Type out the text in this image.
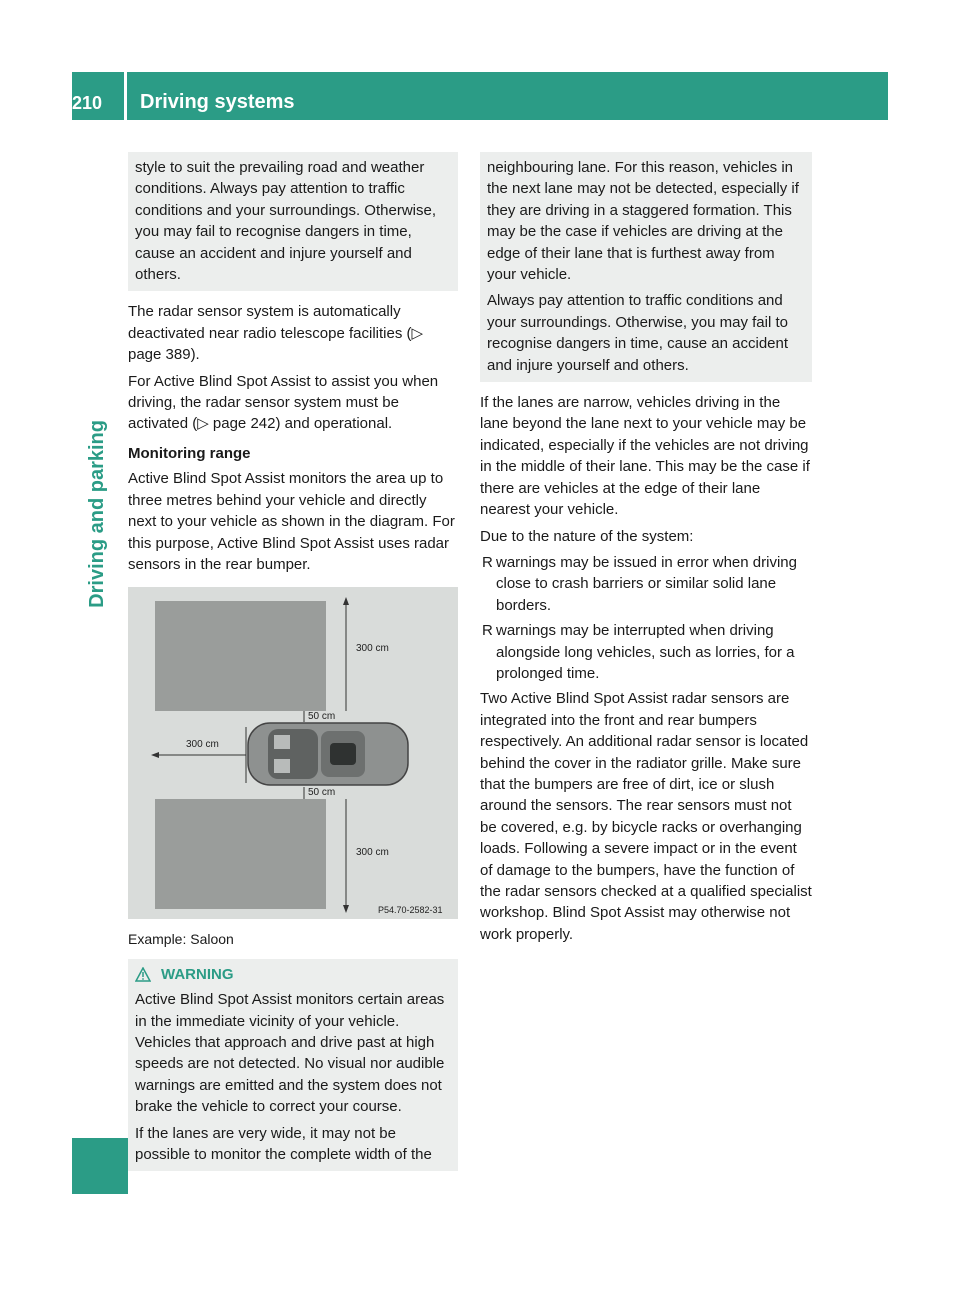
210	Driving systems
Driving and parking

style to suit the prevailing road and weather conditions. Always pay attention to traffic conditions and your surroundings. Otherwise, you may fail to recognise dangers in time, cause an accident and injure yourself and others.

The radar sensor system is automatically deactivated near radio telescope facilities (▷ page 389).

For Active Blind Spot Assist to assist you when driving, the radar sensor system must be activated (▷ page 242) and operational.

Monitoring range

Active Blind Spot Assist monitors the area up to three metres behind your vehicle and directly next to your vehicle as shown in the diagram. For this purpose, Active Blind Spot Assist uses radar sensors in the rear bumper.

300 cm
50 cm
300 cm
50 cm
300 cm
P54.70-2582-31
Example: Saloon
WARNING

Active Blind Spot Assist monitors certain areas in the immediate vicinity of your vehicle. Vehicles that approach and drive past at high speeds are not detected. No visual nor audible warnings are emitted and the system does not brake the vehicle to correct your course.

If the lanes are very wide, it may not be possible to monitor the complete width of the

neighbouring lane. For this reason, vehicles in the next lane may not be detected, especially if they are driving in a staggered formation. This may be the case if vehicles are driving at the edge of their lane that is furthest away from your vehicle.

Always pay attention to traffic conditions and your surroundings. Otherwise, you may fail to recognise dangers in time, cause an accident and injure yourself and others.

If the lanes are narrow, vehicles driving in the lane beyond the lane next to your vehicle may be indicated, especially if the vehicles are not driving in the middle of their lane. This may be the case if there are vehicles at the edge of their lane nearest your vehicle.

Due to the nature of the system:

R warnings may be issued in error when driving close to crash barriers or similar solid lane borders.
R warnings may be interrupted when driving alongside long vehicles, such as lorries, for a prolonged time.

Two Active Blind Spot Assist radar sensors are integrated into the front and rear bumpers respectively. An additional radar sensor is located behind the cover in the radiator grille. Make sure that the bumpers are free of dirt, ice or slush around the sensors. The rear sensors must not be covered, e.g. by bicycle racks or overhanging loads. Following a severe impact or in the event of damage to the bumpers, have the function of the radar sensors checked at a qualified specialist workshop. Blind Spot Assist may otherwise not work properly.
